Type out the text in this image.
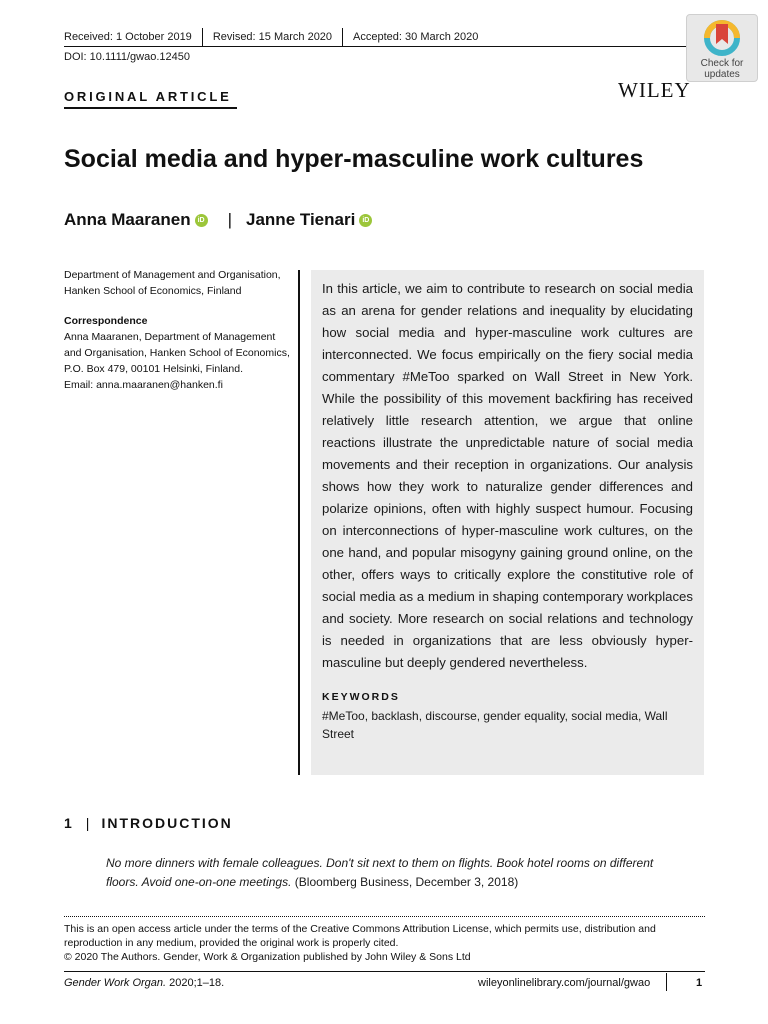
Received: 1 October 2019	Revised: 15 March 2020	Accepted: 30 March 2020
DOI: 10.1111/gwao.12450
Check for
updates
WILEY
ORIGINAL ARTICLE
Social media and hyper-masculine work cultures
Anna Maaranen	iD | Janne Tienari	iD
Department of Management and Organisation, Hanken School of Economics, Finland
Correspondence
Anna Maaranen, Department of Management and Organisation, Hanken School of Economics, P.O. Box 479, 00101 Helsinki, Finland.
Email: anna.maaranen@hanken.fi

In this article, we aim to contribute to research on social media as an arena for gender relations and inequality by elucidating how social media and hyper-masculine work cultures are interconnected. We focus empirically on the fiery social media commentary #MeToo sparked on Wall Street in New York. While the possibility of this movement backfiring has received relatively little research attention, we argue that online reactions illustrate the unpredictable nature of social media movements and their reception in organizations. Our analysis shows how they work to naturalize gender differences and polarize opinions, often with highly suspect humour. Focusing on interconnections of hyper-masculine work cultures, on the one hand, and popular misogyny gaining ground online, on the other, offers ways to critically explore the constitutive role of social media as a medium in shaping contemporary workplaces and society. More research on social relations and technology is needed in organizations that are less obviously hyper-masculine but deeply gendered nevertheless.

KEYWORDS
#MeToo, backlash, discourse, gender equality, social media, Wall Street
1 | INTRODUCTION

No more dinners with female colleagues. Don't sit next to them on flights. Book hotel rooms on different floors. Avoid one-on-one meetings. (Bloomberg Business, December 3, 2018)

This is an open access article under the terms of the Creative Commons Attribution License, which permits use, distribution and reproduction in any medium, provided the original work is properly cited.
© 2020 The Authors. Gender, Work & Organization published by John Wiley & Sons Ltd
Gender Work Organ. 2020;1–18.	wileyonlinelibrary.com/journal/gwao	1
